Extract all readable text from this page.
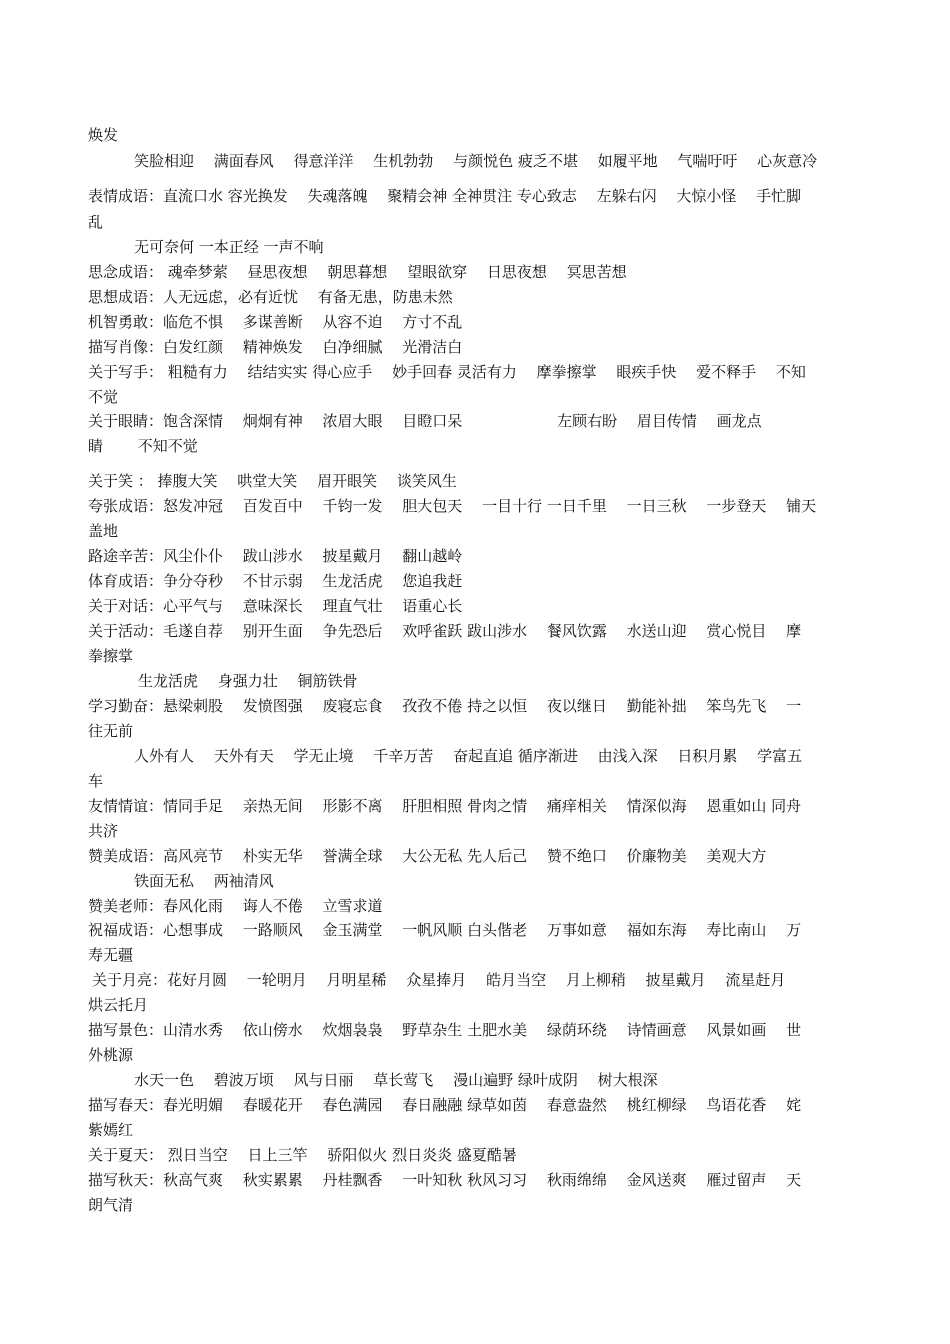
焕发
笑脸相迎　 满面春风　 得意洋洋　 生机勃勃　 与颜悦色 疲乏不堪　 如履平地　 气喘吁吁　 心灰意冷
表情成语：直流口水 容光换发　 失魂落魄　 聚精会神 全神贯注 专心致志　 左躲右闪　 大惊小怪　 手忙脚
乱
无可奈何 一本正经 一声不响
思念成语： 魂牵梦萦　 昼思夜想　 朝思暮想　 望眼欲穿　 日思夜想　 冥思苦想
思想成语：人无远虑，必有近忧　 有备无患，防患未然
机智勇敢：临危不惧　 多谋善断　 从容不迫　 方寸不乱
描写肖像：白发红颜　 精神焕发　 白净细腻　 光滑洁白
关于写手： 粗糙有力　 结结实实 得心应手　 妙手回春 灵活有力　 摩拳擦掌　 眼疾手快　 爱不释手　 不知
不觉
关于眼睛：饱含深情　 炯炯有神　 浓眉大眼　 目瞪口呆　　　　　　 左顾右盼　 眉目传情　 画龙点
睛　　 不知不觉
关于笑 ： 捧腹大笑　 哄堂大笑　 眉开眼笑　 谈笑风生
夸张成语：怒发冲冠　 百发百中　 千钧一发　 胆大包天　 一目十行 一日千里　 一日三秋　 一步登天　 铺天
盖地
路途辛苦：风尘仆仆　 跋山涉水　 披星戴月　 翻山越岭
体育成语：争分夺秒　 不甘示弱　 生龙活虎　 您追我赶
关于对话：心平气与　 意味深长　 理直气壮　 语重心长
关于活动：毛遂自荐　 别开生面　 争先恐后　 欢呼雀跃 跋山涉水　 餐风饮露　 水送山迎　 赏心悦目　 摩
拳擦掌
生龙活虎　 身强力壮　 铜筋铁骨
学习勤奋：悬梁刺股　 发愤图强　 废寝忘食　 孜孜不倦 持之以恒　 夜以继日　 勤能补拙　 笨鸟先飞　 一
往无前
人外有人　 天外有天　 学无止境　 千辛万苦　 奋起直追 循序渐进　 由浅入深　 日积月累　 学富五
车
友情情谊：情同手足　 亲热无间　 形影不离　 肝胆相照 骨肉之情　 痛痒相关　 情深似海　 恩重如山 同舟
共济
赞美成语：高风亮节　 朴实无华　 誉满全球　 大公无私 先人后己　 赞不绝口　 价廉物美　 美观大方
铁面无私　 两袖清风
赞美老师：春风化雨　 诲人不倦　 立雪求道
祝福成语：心想事成　 一路顺风　 金玉满堂　 一帆风顺 白头偕老　 万事如意　 福如东海　 寿比南山　 万
寿无疆
关于月亮：花好月圆　 一轮明月　 月明星稀　 众星捧月　 皓月当空　 月上柳稍　 披星戴月　 流星赶月
烘云托月
描写景色：山清水秀　 依山傍水　 炊烟袅袅　 野草杂生 土肥水美　 绿荫环绕　 诗情画意　 风景如画　 世
外桃源
水天一色　 碧波万顷　 风与日丽　 草长莺飞　 漫山遍野 绿叶成阴　 树大根深
描写春天：春光明媚　 春暖花开　 春色满园　 春日融融 绿草如茵　 春意盎然　 桃红柳绿　 鸟语花香　 姹
紫嫣红
关于夏天： 烈日当空　 日上三竿　 骄阳似火 烈日炎炎 盛夏酷暑
描写秋天：秋高气爽　 秋实累累　 丹桂飘香　 一叶知秋 秋风习习　 秋雨绵绵　 金风送爽　 雁过留声　 天
朗气清
